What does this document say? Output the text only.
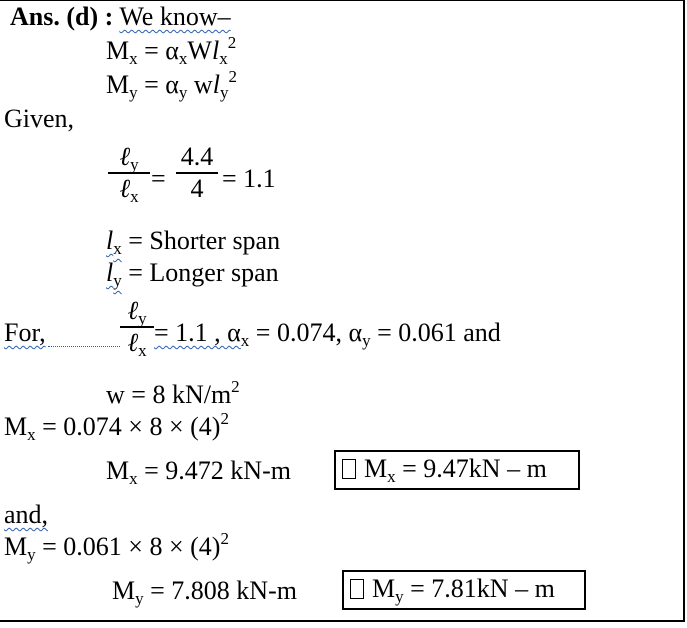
Ans. (d) : We know–
$M_x = \alpha_xWl_x^2$
$M_y = \alpha_y$ $wl_y^2$
Given,
ℓ$_y$
ℓ$_x$
=
4.4
4 = 1.1
$l_x$ = Shorter span
$l_y$ = Longer span
For,
ℓ$_y$
ℓ$_x$
= 1.1 , $\alpha_x = 0.074$, $\alpha_y = 0.061$ and
w = 8 $kN/m^2$
$M_x = 0.074 \times 8 \times (4)^2$
$M_x = 9.472$ kN-m	$M_x = 9.47kN - m$
and,
$M_y = 0.061 \times 8 \times (4)^2$
$M_y = 7.808$ kN-m	$M_y = 7.81kN - m$
